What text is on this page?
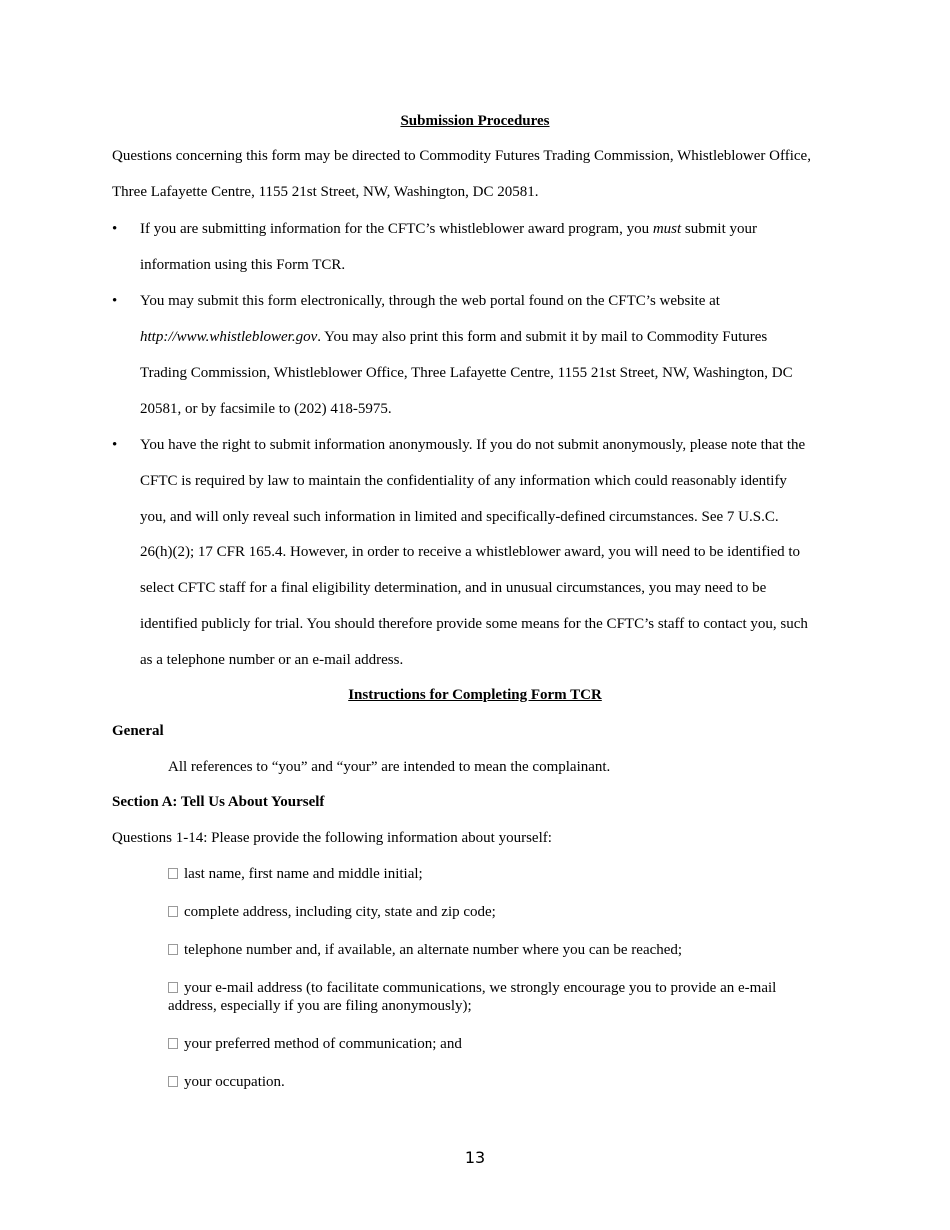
Submission Procedures
Questions concerning this form may be directed to Commodity Futures Trading Commission, Whistleblower Office,
Three Lafayette Centre, 1155 21st Street, NW, Washington, DC 20581.
•	If you are submitting information for the CFTC’s whistleblower award program, you must submit your
information using this Form TCR.
•	You may submit this form electronically, through the web portal found on the CFTC’s website at
http://www.whistleblower.gov. You may also print this form and submit it by mail to Commodity Futures
Trading Commission, Whistleblower Office, Three Lafayette Centre, 1155 21st Street, NW, Washington, DC
20581, or by facsimile to (202) 418-5975.
•	You have the right to submit information anonymously. If you do not submit anonymously, please note that the
CFTC is required by law to maintain the confidentiality of any information which could reasonably identify
you, and will only reveal such information in limited and specifically-defined circumstances. See 7 U.S.C.
26(h)(2); 17 CFR 165.4. However, in order to receive a whistleblower award, you will need to be identified to
select CFTC staff for a final eligibility determination, and in unusual circumstances, you may need to be
identified publicly for trial. You should therefore provide some means for the CFTC’s staff to contact you, such
as a telephone number or an e-mail address.
Instructions for Completing Form TCR
General
All references to “you” and “your” are intended to mean the complainant.
Section A: Tell Us About Yourself
Questions 1-14: Please provide the following information about yourself:
last name, first name and middle initial;
complete address, including city, state and zip code;
telephone number and, if available, an alternate number where you can be reached;
your e-mail address (to facilitate communications, we strongly encourage you to provide an e-mail
address, especially if you are filing anonymously);
your preferred method of communication; and
your occupation.
13
